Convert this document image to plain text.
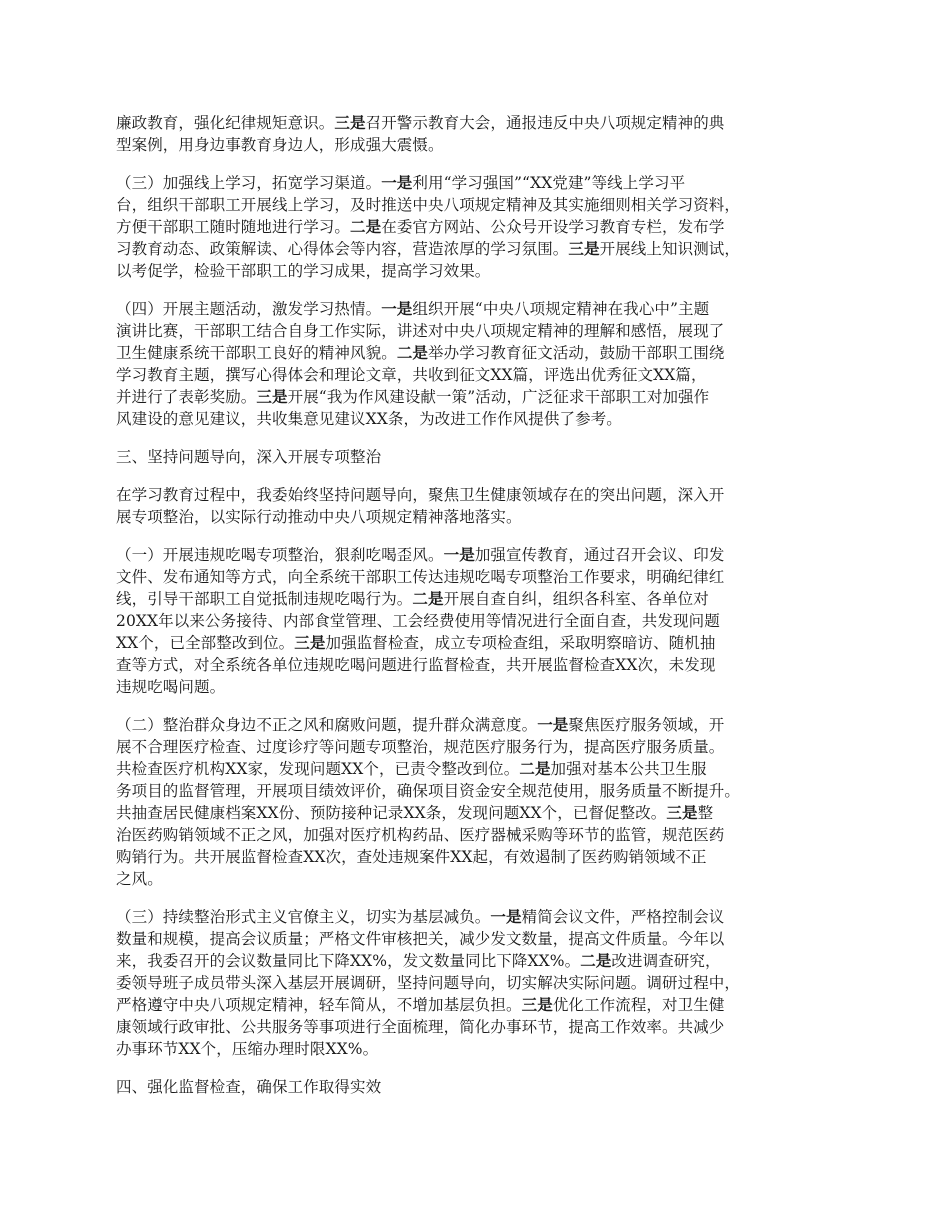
廉政教育，强化纪律规矩意识。三是召开警示教育大会，通报违反中央八项规定精神的典
型案例，用身边事教育身边人，形成强大震慑。

（三）加强线上学习，拓宽学习渠道。一是利用“学习强国”“XX党建”等线上学习平
台，组织干部职工开展线上学习，及时推送中央八项规定精神及其实施细则相关学习资料，
方便干部职工随时随地进行学习。二是在委官方网站、公众号开设学习教育专栏，发布学
习教育动态、政策解读、心得体会等内容，营造浓厚的学习氛围。三是开展线上知识测试，
以考促学，检验干部职工的学习成果，提高学习效果。

（四）开展主题活动，激发学习热情。一是组织开展“中央八项规定精神在我心中”主题
演讲比赛，干部职工结合自身工作实际，讲述对中央八项规定精神的理解和感悟，展现了
卫生健康系统干部职工良好的精神风貌。二是举办学习教育征文活动，鼓励干部职工围绕
学习教育主题，撰写心得体会和理论文章，共收到征文XX篇，评选出优秀征文XX篇，
并进行了表彰奖励。三是开展“我为作风建设献一策”活动，广泛征求干部职工对加强作
风建设的意见建议，共收集意见建议XX条，为改进工作作风提供了参考。

三、坚持问题导向，深入开展专项整治

在学习教育过程中，我委始终坚持问题导向，聚焦卫生健康领域存在的突出问题，深入开
展专项整治，以实际行动推动中央八项规定精神落地落实。

（一）开展违规吃喝专项整治，狠刹吃喝歪风。一是加强宣传教育，通过召开会议、印发
文件、发布通知等方式，向全系统干部职工传达违规吃喝专项整治工作要求，明确纪律红
线，引导干部职工自觉抵制违规吃喝行为。二是开展自查自纠，组织各科室、各单位对
20XX年以来公务接待、内部食堂管理、工会经费使用等情况进行全面自查，共发现问题
XX个，已全部整改到位。三是加强监督检查，成立专项检查组，采取明察暗访、随机抽
查等方式，对全系统各单位违规吃喝问题进行监督检查，共开展监督检查XX次，未发现
违规吃喝问题。

（二）整治群众身边不正之风和腐败问题，提升群众满意度。一是聚焦医疗服务领域，开
展不合理医疗检查、过度诊疗等问题专项整治，规范医疗服务行为，提高医疗服务质量。
共检查医疗机构XX家，发现问题XX个，已责令整改到位。二是加强对基本公共卫生服
务项目的监督管理，开展项目绩效评价，确保项目资金安全规范使用，服务质量不断提升。
共抽查居民健康档案XX份、预防接种记录XX条，发现问题XX个，已督促整改。三是整
治医药购销领域不正之风，加强对医疗机构药品、医疗器械采购等环节的监管，规范医药
购销行为。共开展监督检查XX次，查处违规案件XX起，有效遏制了医药购销领域不正
之风。

（三）持续整治形式主义官僚主义，切实为基层减负。一是精简会议文件，严格控制会议
数量和规模，提高会议质量；严格文件审核把关，减少发文数量，提高文件质量。今年以
来，我委召开的会议数量同比下降XX%，发文数量同比下降XX%。二是改进调查研究，
委领导班子成员带头深入基层开展调研，坚持问题导向，切实解决实际问题。调研过程中，
严格遵守中央八项规定精神，轻车简从，不增加基层负担。三是优化工作流程，对卫生健
康领域行政审批、公共服务等事项进行全面梳理，简化办事环节，提高工作效率。共减少
办事环节XX个，压缩办理时限XX%。

四、强化监督检查，确保工作取得实效
